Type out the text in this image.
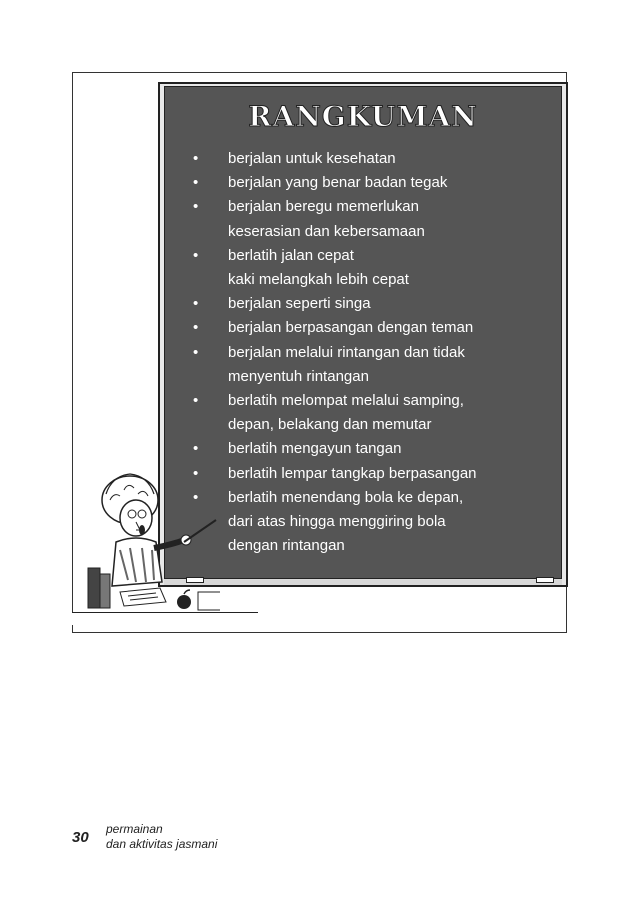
RANGKUMAN
• berjalan untuk kesehatan
• berjalan yang benar badan tegak
• berjalan beregu memerlukan
keserasian dan kebersamaan
• berlatih jalan cepat
kaki melangkah lebih cepat
• berjalan seperti singa
• berjalan berpasangan dengan teman
• berjalan melalui rintangan dan tidak
menyentuh rintangan
• berlatih melompat melalui samping,
depan, belakang dan memutar
• berlatih mengayun tangan
• berlatih lempar tangkap berpasangan
• berlatih menendang bola ke depan,
dari atas hingga menggiring bola
dengan rintangan
30 permainan
dan aktivitas jasmani
